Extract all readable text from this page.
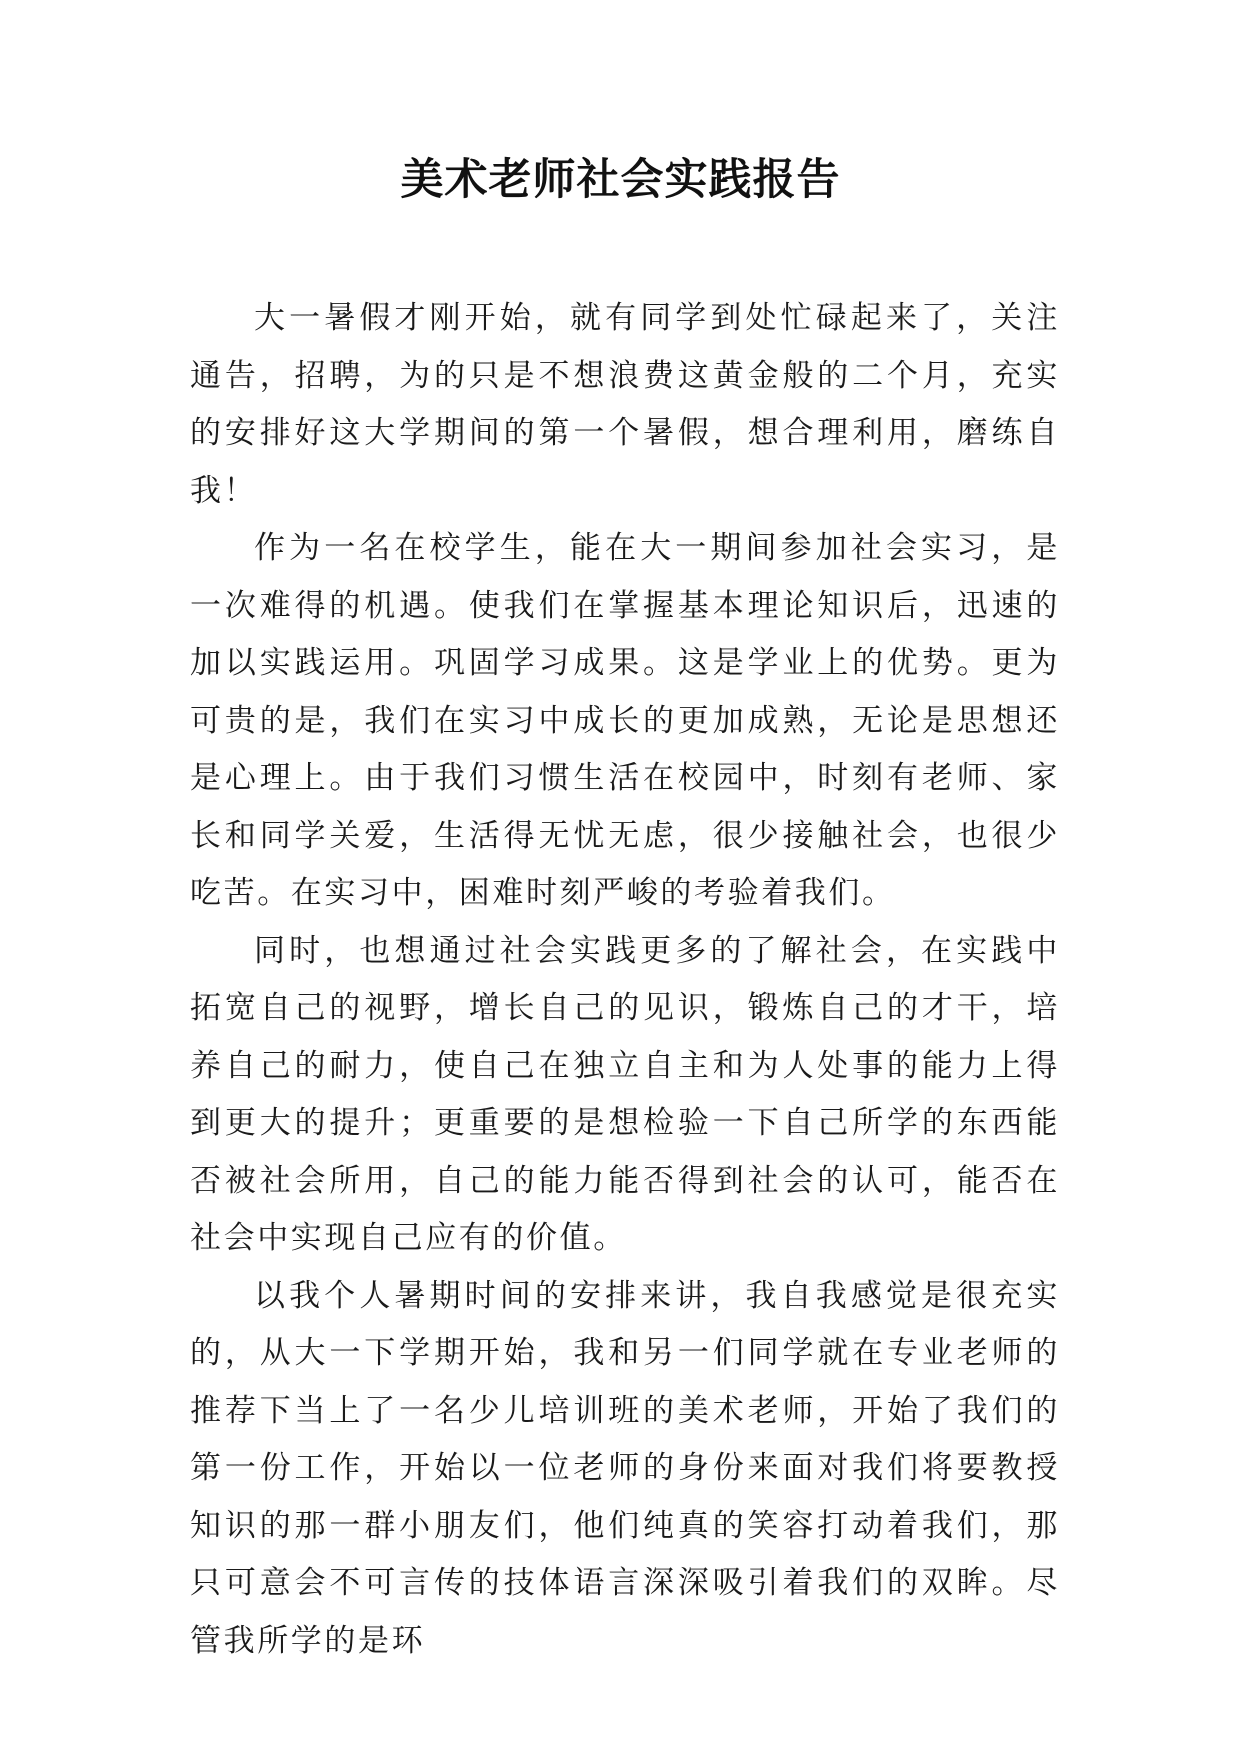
美术老师社会实践报告

大一暑假才刚开始，就有同学到处忙碌起来了，关注通告，招聘，为的只是不想浪费这黄金般的二个月，充实的安排好这大学期间的第一个暑假，想合理利用，磨练自我！

作为一名在校学生，能在大一期间参加社会实习，是一次难得的机遇。使我们在掌握基本理论知识后，迅速的加以实践运用。巩固学习成果。这是学业上的优势。更为可贵的是，我们在实习中成长的更加成熟，无论是思想还是心理上。由于我们习惯生活在校园中，时刻有老师、家长和同学关爱，生活得无忧无虑，很少接触社会，也很少吃苦。在实习中，困难时刻严峻的考验着我们。

同时，也想通过社会实践更多的了解社会，在实践中拓宽自己的视野，增长自己的见识，锻炼自己的才干，培养自己的耐力，使自己在独立自主和为人处事的能力上得到更大的提升；更重要的是想检验一下自己所学的东西能否被社会所用，自己的能力能否得到社会的认可，能否在社会中实现自己应有的价值。

以我个人暑期时间的安排来讲，我自我感觉是很充实的，从大一下学期开始，我和另一们同学就在专业老师的推荐下当上了一名少儿培训班的美术老师，开始了我们的第一份工作，开始以一位老师的身份来面对我们将要教授知识的那一群小朋友们，他们纯真的笑容打动着我们，那只可意会不可言传的技体语言深深吸引着我们的双眸。尽管我所学的是环
